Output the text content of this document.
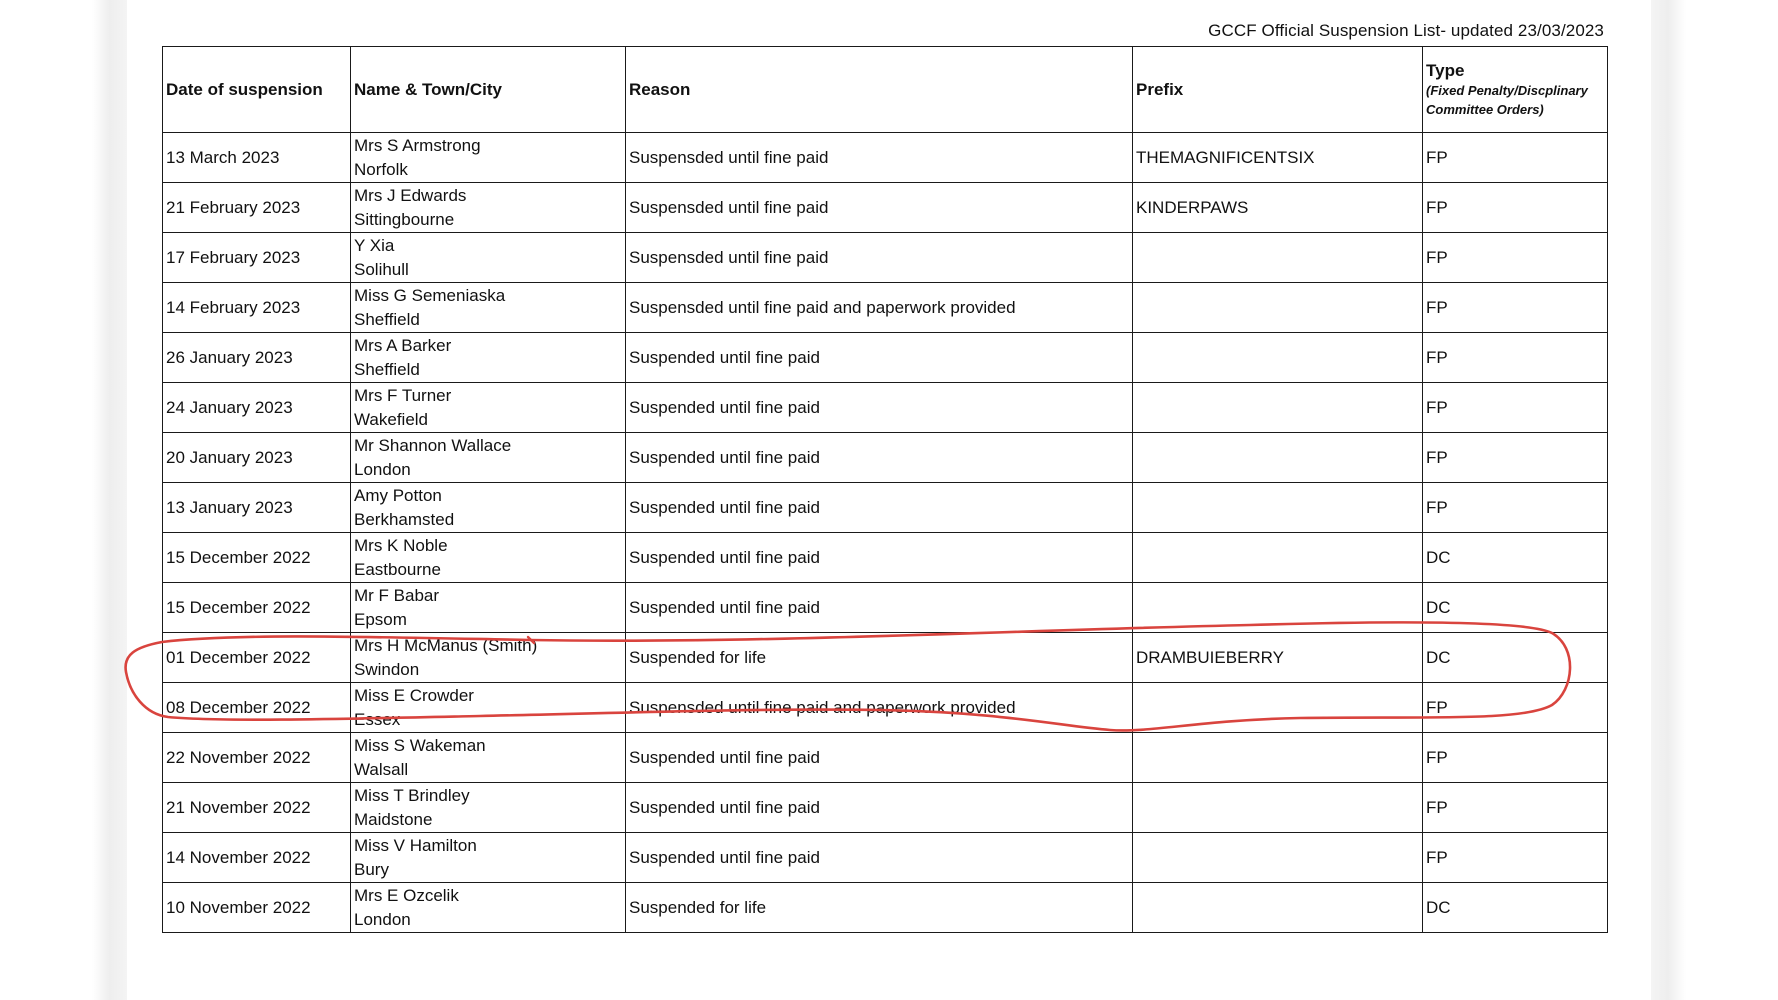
GCCF Official Suspension List- updated 23/03/2023
Date of suspension	Name & Town/City	Reason	Prefix	Type
(Fixed Penalty/Discplinary Committee Orders)

13 March 2023	Mrs S Armstrong
Norfolk	Suspensded until fine paid	THEMAGNIFICENTSIX	FP
21 February 2023	Mrs J Edwards
Sittingbourne	Suspensded until fine paid	KINDERPAWS	FP
17 February 2023	Y Xia
Solihull	Suspensded until fine paid		FP
14 February 2023	Miss G Semeniaska
Sheffield	Suspensded until fine paid and paperwork provided		FP
26 January 2023	Mrs A Barker
Sheffield	Suspended until fine paid		FP
24 January 2023	Mrs F Turner
Wakefield	Suspended until fine paid		FP
20 January 2023	Mr Shannon Wallace
London	Suspended until fine paid		FP
13 January 2023	Amy Potton
Berkhamsted	Suspended until fine paid		FP
15 December 2022	Mrs K Noble
Eastbourne	Suspended until fine paid		DC
15 December 2022	Mr F Babar
Epsom	Suspended until fine paid		DC
01 December 2022	Mrs H McManus (Smith)
Swindon	Suspended for life	DRAMBUIEBERRY	DC
08 December 2022	Miss E Crowder
Essex	Suspensded until fine paid and paperwork provided		FP
22 November 2022	Miss S Wakeman
Walsall	Suspended until fine paid		FP
21 November 2022	Miss T Brindley
Maidstone	Suspended until fine paid		FP
14 November 2022	Miss V Hamilton
Bury	Suspended until fine paid		FP
10 November 2022	Mrs E Ozcelik
London	Suspended for life		DC
